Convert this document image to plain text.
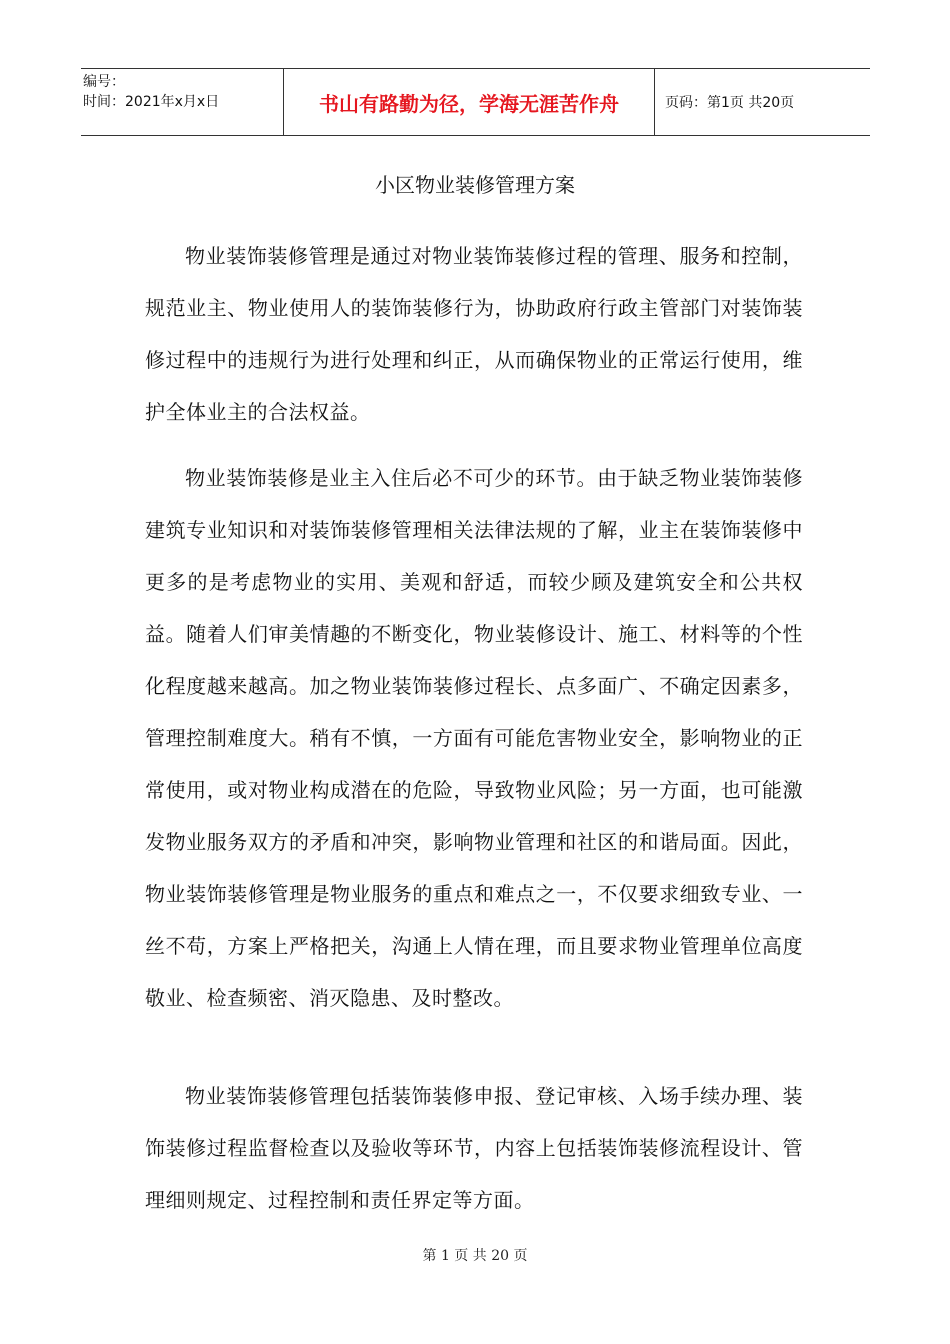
编号：
时间：2021年x月x日	书山有路勤为径，学海无涯苦作舟	页码：第1页 共20页
小区物业装修管理方案

物业装饰装修管理是通过对物业装饰装修过程的管理、服务和控制，规范业主、物业使用人的装饰装修行为，协助政府行政主管部门对装饰装修过程中的违规行为进行处理和纠正，从而确保物业的正常运行使用，维护全体业主的合法权益。

物业装饰装修是业主入住后必不可少的环节。由于缺乏物业装饰装修建筑专业知识和对装饰装修管理相关法律法规的了解，业主在装饰装修中更多的是考虑物业的实用、美观和舒适，而较少顾及建筑安全和公共权益。随着人们审美情趣的不断变化，物业装修设计、施工、材料等的个性化程度越来越高。加之物业装饰装修过程长、点多面广、不确定因素多，管理控制难度大。稍有不慎，一方面有可能危害物业安全，影响物业的正常使用，或对物业构成潜在的危险，导致物业风险；另一方面，也可能激发物业服务双方的矛盾和冲突，影响物业管理和社区的和谐局面。因此，物业装饰装修管理是物业服务的重点和难点之一，不仅要求细致专业、一丝不苟，方案上严格把关，沟通上人情在理，而且要求物业管理单位高度敬业、检查频密、消灭隐患、及时整改。

物业装饰装修管理包括装饰装修申报、登记审核、入场手续办理、装饰装修过程监督检查以及验收等环节，内容上包括装饰装修流程设计、管理细则规定、过程控制和责任界定等方面。

第 1 页 共 20 页
